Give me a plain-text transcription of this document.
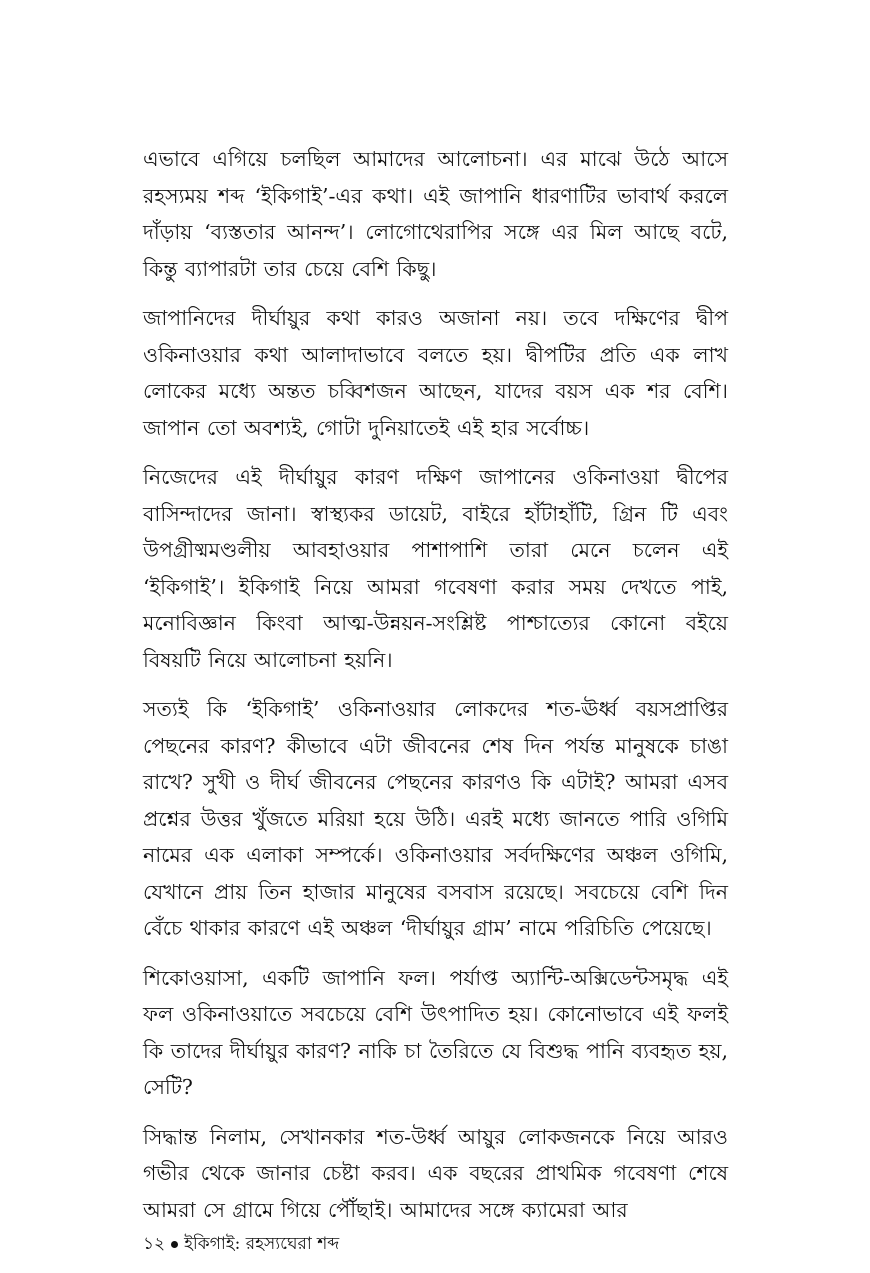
এভাবে এগিয়ে চলছিল আমাদের আলোচনা। এর মাঝে উঠে আসে রহস্যময় শব্দ ‘ইকিগাই’-এর কথা। এই জাপানি ধারণাটির ভাবার্থ করলে দাঁড়ায় ‘ব্যস্ততার আনন্দ’। লোগোথেরাপির সঙ্গে এর মিল আছে বটে, কিন্তু ব্যাপারটা তার চেয়ে বেশি কিছু।

জাপানিদের দীর্ঘায়ুর কথা কারও অজানা নয়। তবে দক্ষিণের দ্বীপ ওকিনাওয়ার কথা আলাদাভাবে বলতে হয়। দ্বীপটির প্রতি এক লাখ লোকের মধ্যে অন্তত চব্বিশজন আছেন, যাদের বয়স এক শর বেশি। জাপান তো অবশ্যই, গোটা দুনিয়াতেই এই হার সর্বোচ্চ।

নিজেদের এই দীর্ঘায়ুর কারণ দক্ষিণ জাপানের ওকিনাওয়া দ্বীপের বাসিন্দাদের জানা। স্বাস্থ্যকর ডায়েট, বাইরে হাঁটাহাঁটি, গ্রিন টি এবং উপগ্রীষ্মমণ্ডলীয় আবহাওয়ার পাশাপাশি তারা মেনে চলেন এই ‘ইকিগাই’। ইকিগাই নিয়ে আমরা গবেষণা করার সময় দেখতে পাই, মনোবিজ্ঞান কিংবা আত্ম-উন্নয়ন-সংশ্লিষ্ট পাশ্চাত্যের কোনো বইয়ে বিষয়টি নিয়ে আলোচনা হয়নি।

সত্যই কি ‘ইকিগাই’ ওকিনাওয়ার লোকদের শত-ঊর্ধ্ব বয়সপ্রাপ্তির পেছনের কারণ? কীভাবে এটা জীবনের শেষ দিন পর্যন্ত মানুষকে চাঙা রাখে? সুখী ও দীর্ঘ জীবনের পেছনের কারণও কি এটাই? আমরা এসব প্রশ্নের উত্তর খুঁজতে মরিয়া হয়ে উঠি। এরই মধ্যে জানতে পারি ওগিমি নামের এক এলাকা সম্পর্কে। ওকিনাওয়ার সর্বদক্ষিণের অঞ্চল ওগিমি, যেখানে প্রায় তিন হাজার মানুষের বসবাস রয়েছে। সবচেয়ে বেশি দিন বেঁচে থাকার কারণে এই অঞ্চল ‘দীর্ঘায়ুর গ্রাম’ নামে পরিচিতি পেয়েছে।

শিকোওয়াসা, একটি জাপানি ফল। পর্যাপ্ত অ্যান্টি-অক্সিডেন্টসমৃদ্ধ এই ফল ওকিনাওয়াতে সবচেয়ে বেশি উৎপাদিত হয়। কোনোভাবে এই ফলই কি তাদের দীর্ঘায়ুর কারণ? নাকি চা তৈরিতে যে বিশুদ্ধ পানি ব্যবহৃত হয়, সেটি?

সিদ্ধান্ত নিলাম, সেখানকার শত-উর্ধ্ব আয়ুর লোকজনকে নিয়ে আরও গভীর থেকে জানার চেষ্টা করব। এক বছরের প্রাথমিক গবেষণা শেষে আমরা সে গ্রামে গিয়ে পৌঁছাই। আমাদের সঙ্গে ক্যামেরা আর

১২ ইকিগাই: রহস্যঘেরা শব্দ
